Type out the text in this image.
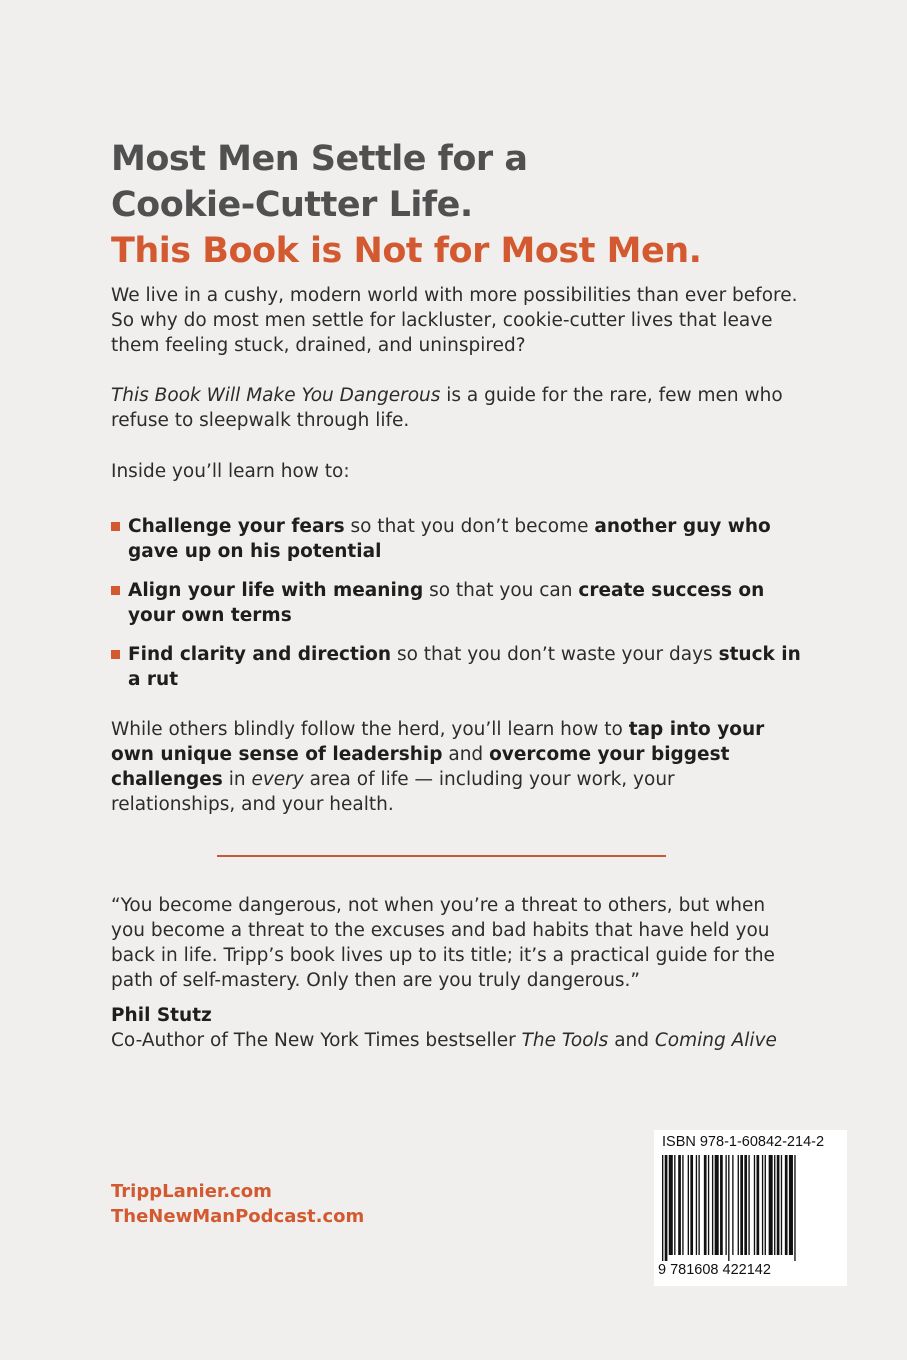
Most Men Settle for a
Cookie-Cutter Life.
This Book is Not for Most Men.

We live in a cushy, modern world with more possibilities than ever before. So why do most men settle for lackluster, cookie-cutter lives that leave them feeling stuck, drained, and uninspired?

This Book Will Make You Dangerous is a guide for the rare, few men who refuse to sleepwalk through life.

Inside you’ll learn how to:

Challenge your fears so that you don’t become another guy who gave up on his potential
Align your life with meaning so that you can create success on your own terms
Find clarity and direction so that you don’t waste your days stuck in a rut

While others blindly follow the herd, you’ll learn how to tap into your own unique sense of leadership and overcome your biggest challenges in every area of life — including your work, your relationships, and your health.

“You become dangerous, not when you’re a threat to others, but when you become a threat to the excuses and bad habits that have held you back in life. Tripp’s book lives up to its title; it’s a practical guide for the path of self-mastery. Only then are you truly dangerous.”

Phil Stutz
Co-Author of The New York Times bestseller The Tools and Coming Alive
TrippLanier.com
TheNewManPodcast.com
ISBN 978-1-60842-214-2
9 781608 422142
